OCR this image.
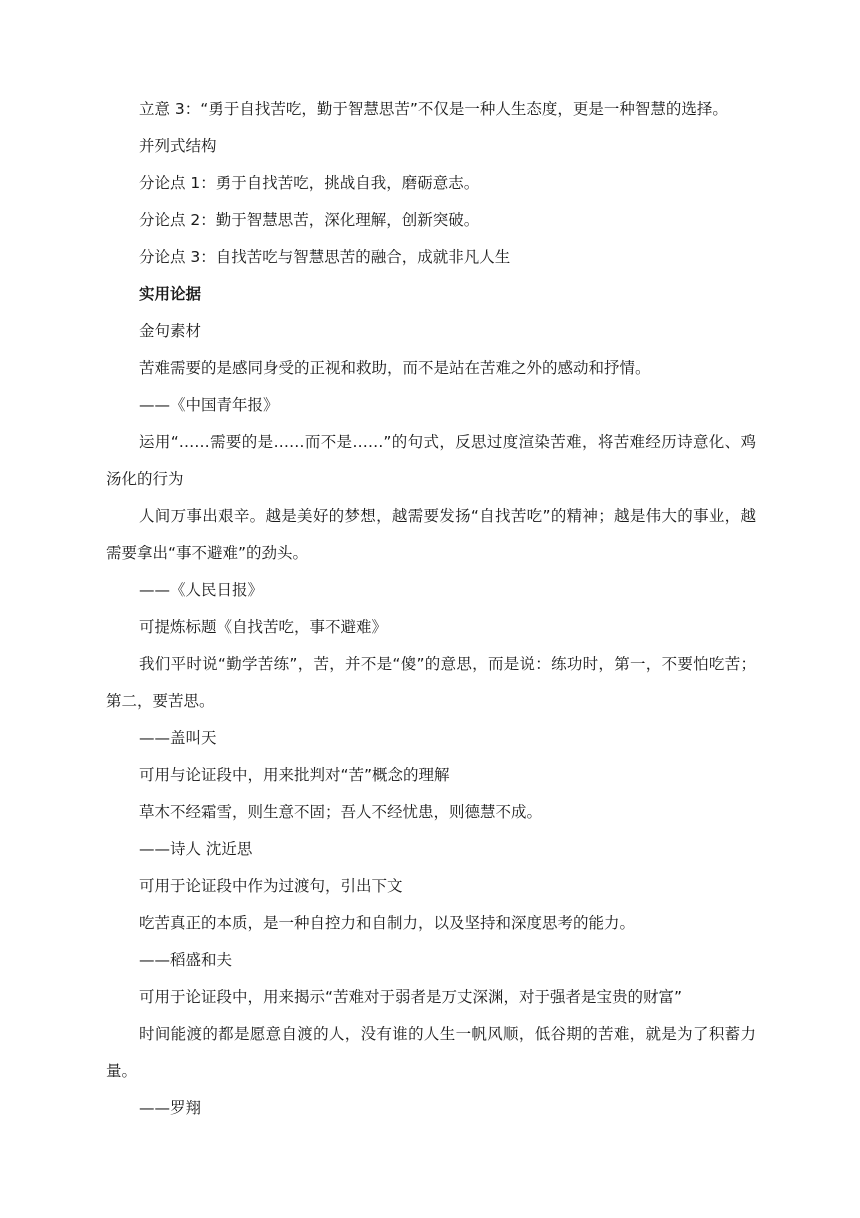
立意 3：“勇于自找苦吃，勤于智慧思苦”不仅是一种人生态度，更是一种智慧的选择。
并列式结构
分论点 1：勇于自找苦吃，挑战自我，磨砺意志。
分论点 2：勤于智慧思苦，深化理解，创新突破。
分论点 3：自找苦吃与智慧思苦的融合，成就非凡人生
实用论据
金句素材
苦难需要的是感同身受的正视和救助，而不是站在苦难之外的感动和抒情。
——《中国青年报》
运用“……需要的是……而不是……”的句式，反思过度渲染苦难，将苦难经历诗意化、鸡汤化的行为
人间万事出艰辛。越是美好的梦想，越需要发扬“自找苦吃”的精神；越是伟大的事业，越需要拿出“事不避难”的劲头。
——《人民日报》
可提炼标题《自找苦吃，事不避难》
我们平时说“勤学苦练”，苦，并不是“傻”的意思，而是说：练功时，第一，不要怕吃苦；第二，要苦思。
——盖叫天
可用与论证段中，用来批判对“苦”概念的理解
草木不经霜雪，则生意不固；吾人不经忧患，则德慧不成。
——诗人 沈近思
可用于论证段中作为过渡句，引出下文
吃苦真正的本质，是一种自控力和自制力，以及坚持和深度思考的能力。
——稻盛和夫
可用于论证段中，用来揭示“苦难对于弱者是万丈深渊，对于强者是宝贵的财富”
时间能渡的都是愿意自渡的人，没有谁的人生一帆风顺，低谷期的苦难，就是为了积蓄力量。
——罗翔
